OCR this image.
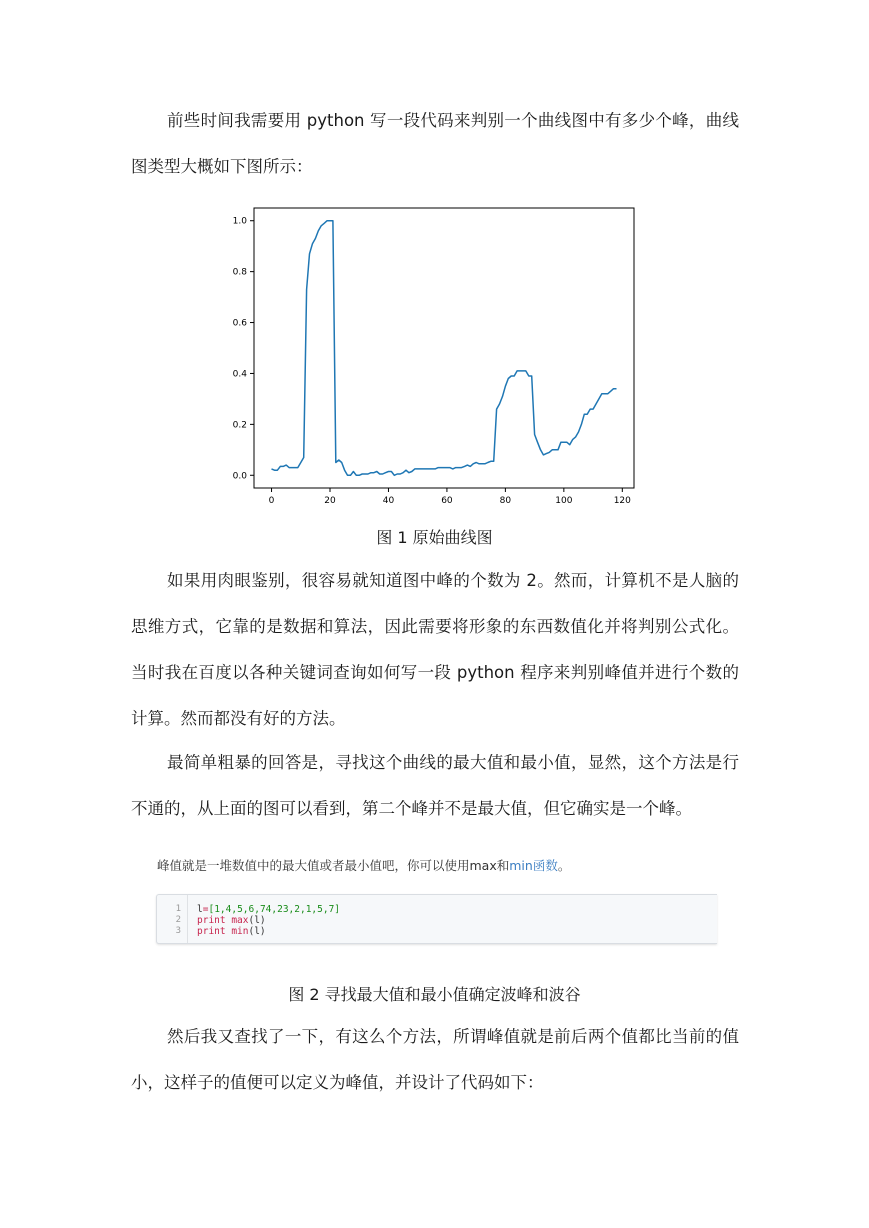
前些时间我需要用 python 写一段代码来判别一个曲线图中有多少个峰，曲线图类型大概如下图所示：

0	20	40	60	80	100	120
0.0
0.2
0.4
0.6
0.8
1.0

图 1 原始曲线图

如果用肉眼鉴别，很容易就知道图中峰的个数为 2。然而，计算机不是人脑的思维方式，它靠的是数据和算法，因此需要将形象的东西数值化并将判别公式化。当时我在百度以各种关键词查询如何写一段 python 程序来判别峰值并进行个数的计算。然而都没有好的方法。

最简单粗暴的回答是，寻找这个曲线的最大值和最小值，显然，这个方法是行不通的，从上面的图可以看到，第二个峰并不是最大值，但它确实是一个峰。

峰值就是一堆数值中的最大值或者最小值吧，你可以使用max和min函数。
1
2
3
l=[1,4,5,6,74,23,2,1,5,7]
print max(l)
print min(l)

图 2 寻找最大值和最小值确定波峰和波谷

然后我又查找了一下，有这么个方法，所谓峰值就是前后两个值都比当前的值小，这样子的值便可以定义为峰值，并设计了代码如下：
